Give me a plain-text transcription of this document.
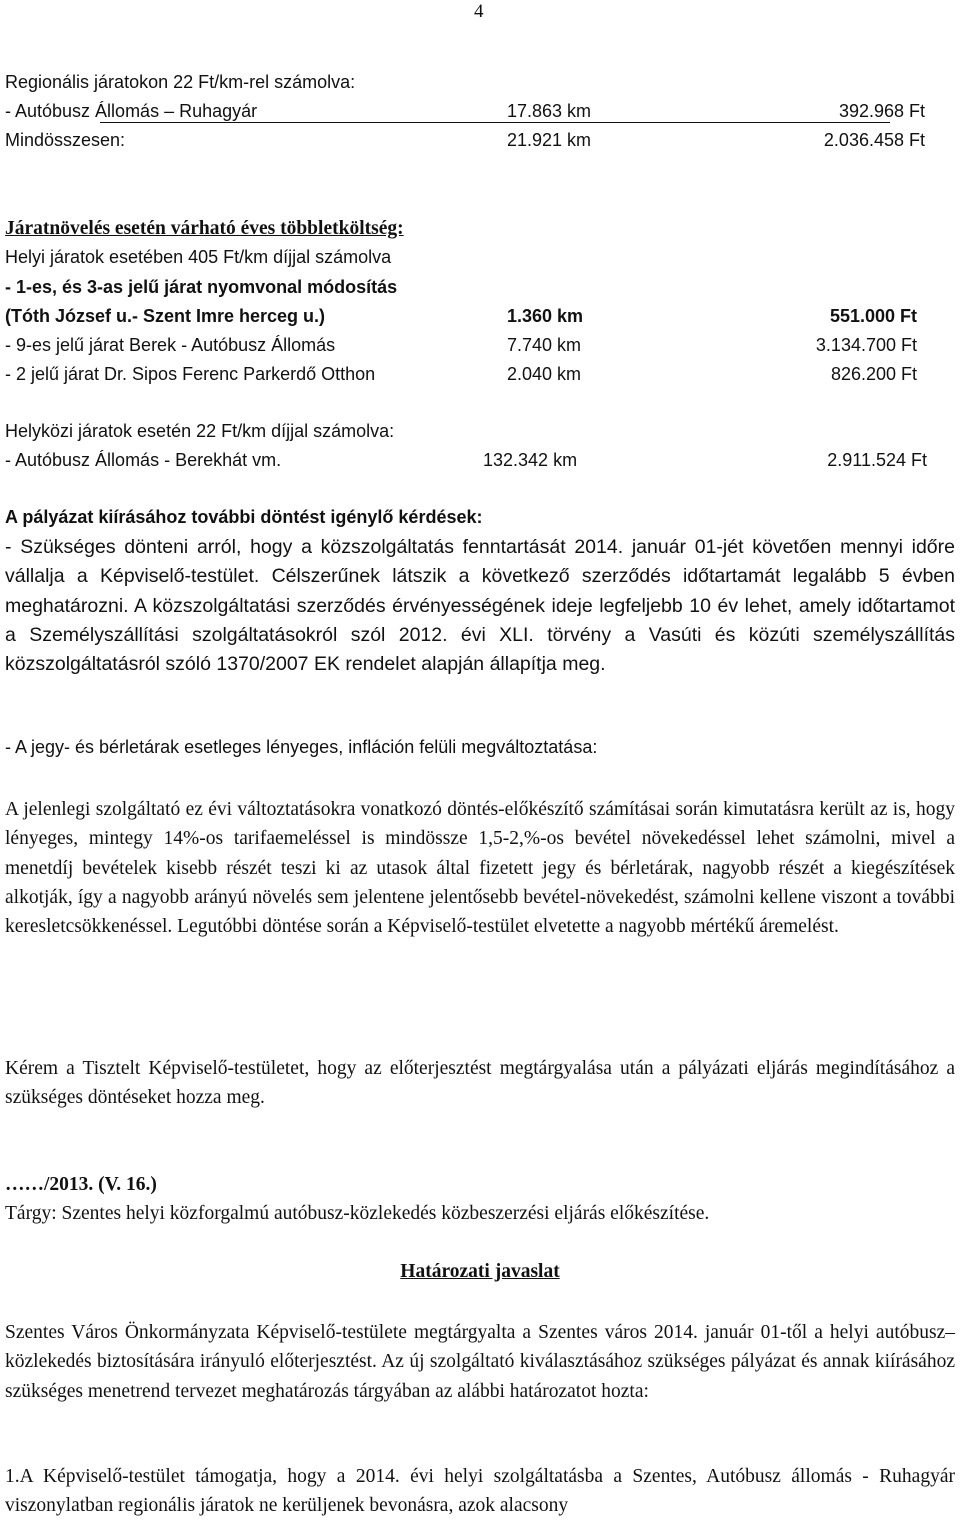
4
Regionális járatokon 22 Ft/km-rel számolva:
- Autóbusz Állomás – Ruhagyár	17.863 km	392.968 Ft
Mindösszesen:	21.921 km	2.036.458 Ft
Járatnövelés esetén várható éves többletköltség:
Helyi járatok esetében 405 Ft/km díjjal számolva
- 1-es, és 3-as jelű járat nyomvonal módosítás
(Tóth József u.- Szent Imre herceg u.)	1.360 km	551.000 Ft
- 9-es jelű járat Berek - Autóbusz Állomás	7.740 km	3.134.700 Ft
- 2 jelű járat Dr. Sipos Ferenc Parkerdő Otthon	2.040 km	826.200 Ft
Helyközi járatok esetén 22 Ft/km díjjal számolva:
- Autóbusz Állomás - Berekhát vm.	132.342 km	2.911.524 Ft
A pályázat kiírásához további döntést igénylő kérdések:
- Szükséges dönteni arról, hogy a közszolgáltatás fenntartását 2014. január 01-jét követően mennyi időre vállalja a Képviselő-testület. Célszerűnek látszik a következő szerződés időtartamát legalább 5 évben meghatározni. A közszolgáltatási szerződés érvényességének ideje legfeljebb 10 év lehet, amely időtartamot a Személyszállítási szolgáltatásokról szól 2012. évi XLI. törvény a Vasúti és közúti személyszállítás közszolgáltatásról szóló 1370/2007 EK rendelet alapján állapítja meg.
- A jegy- és bérletárak esetleges lényeges, infláción felüli megváltoztatása:
A jelenlegi szolgáltató ez évi változtatásokra vonatkozó döntés-előkészítő számításai során kimutatásra került az is, hogy lényeges, mintegy 14%-os tarifaemeléssel is mindössze 1,5-2,%-os bevétel növekedéssel lehet számolni, mivel a menetdíj bevételek kisebb részét teszi ki az utasok által fizetett jegy és bérletárak, nagyobb részét a kiegészítések alkotják, így a nagyobb arányú növelés sem jelentene jelentősebb bevétel-növekedést, számolni kellene viszont a további keresletcsökkenéssel. Legutóbbi döntése során a Képviselő-testület elvetette a nagyobb mértékű áremelést.
Kérem a Tisztelt Képviselő-testületet, hogy az előterjesztést megtárgyalása után a pályázati eljárás megindításához a szükséges döntéseket hozza meg.
……/2013. (V. 16.)
Tárgy: Szentes helyi közforgalmú autóbusz-közlekedés közbeszerzési eljárás előkészítése.
Határozati javaslat
Szentes Város Önkormányzata Képviselő-testülete megtárgyalta a Szentes város 2014. január 01-től a helyi autóbusz–közlekedés biztosítására irányuló előterjesztést. Az új szolgáltató kiválasztásához szükséges pályázat és annak kiírásához szükséges menetrend tervezet meghatározás tárgyában az alábbi határozatot hozta:
1.A Képviselő-testület támogatja, hogy a 2014. évi helyi szolgáltatásba a Szentes, Autóbusz állomás - Ruhagyár viszonylatban regionális járatok ne kerüljenek bevonásra, azok alacsony
